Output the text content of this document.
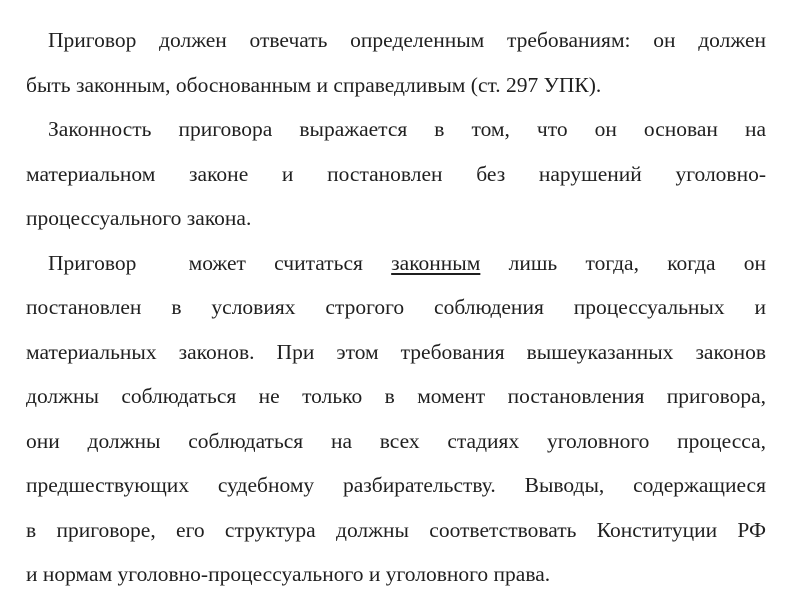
Приговор должен отвечать определенным требованиям: он должен
быть законным, обоснованным и справедливым (ст. 297 УПК).
Законность приговора выражается в том, что он основан на
материальном законе и постановлен без нарушений уголовно-
процессуального закона.
Приговор может считаться законным лишь тогда, когда он
постановлен в условиях строгого соблюдения процессуальных и
материальных законов. При этом требования вышеуказанных законов
должны соблюдаться не только в момент постановления приговора,
они должны соблюдаться на всех стадиях уголовного процесса,
предшествующих судебному разбирательству. Выводы, содержащиеся
в приговоре, его структура должны соответствовать Конституции РФ
и нормам уголовно-процессуального и уголовного права.
